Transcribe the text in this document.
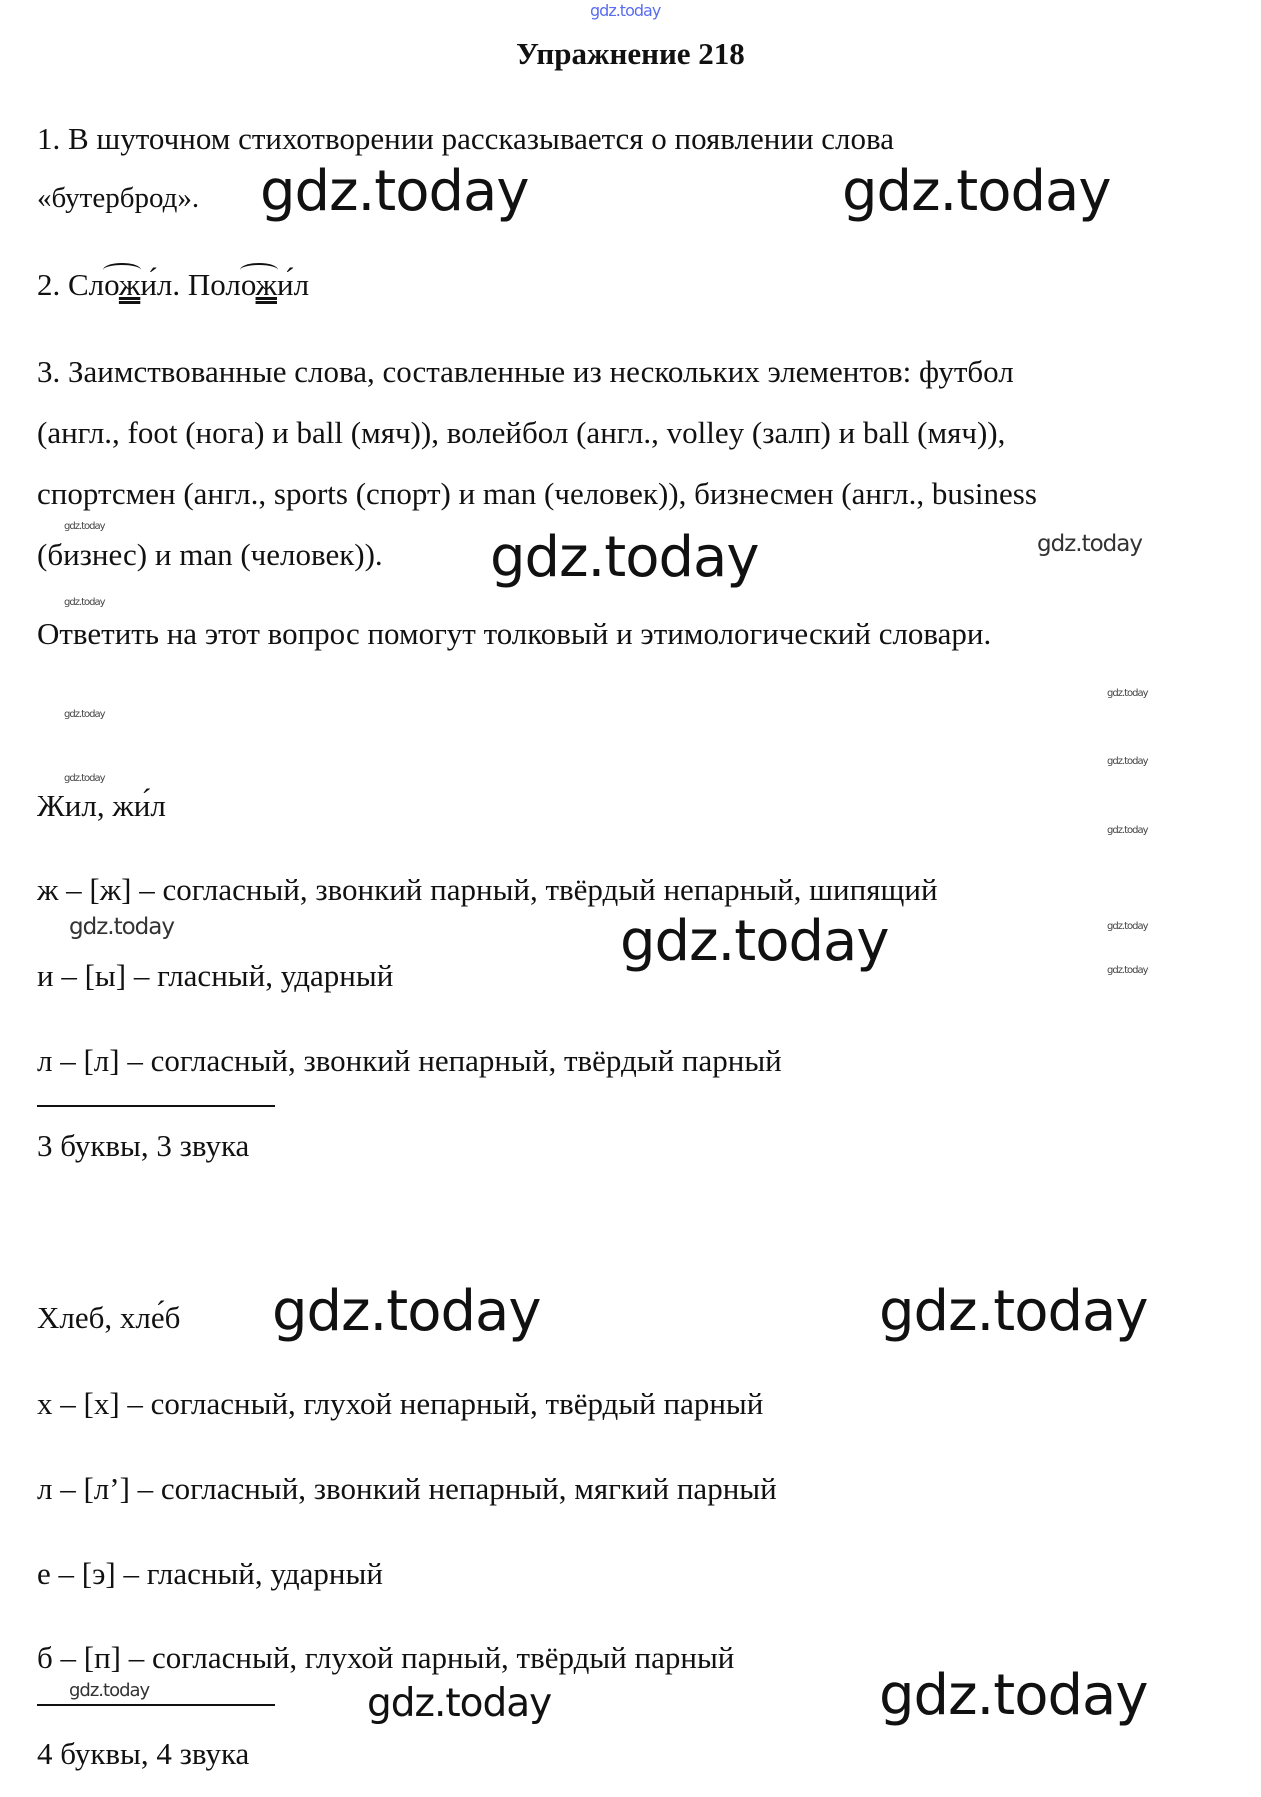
gdz.today
Упражнение 218
1. В шуточном стихотворении рассказывается о появлении слова
«бутерброд». gdz.today	gdz.today
2. Сложи́л. Положи́л
3. Заимствованные слова, составленные из нескольких элементов: футбол
(англ., foot (нога) и ball (мяч)), волейбол (англ., volley (залп) и ball (мяч)),
спортсмен (англ., sports (спорт) и man (человек)), бизнесмен (англ., business
(бизнес) и man (человек)).
gdz.today
gdz.today
gdz.today
Ответить на этот вопрос помогут толковый и этимологический словари.
gdz.today
gdz.today
gdz.today
gdz.today
gdz.today
gdz.today
gdz.today
gdz.today
Жил, жи́л
ж – [ж] – согласный, звонкий парный, твёрдый непарный, шипящий
gdz.today	gdz.today
и – [ы] – гласный, ударный
л – [л] – согласный, звонкий непарный, твёрдый парный
3 буквы, 3 звука
Хлеб, хле́б gdz.today	gdz.today
х – [х] – согласный, глухой непарный, твёрдый парный
л – [л’] – согласный, звонкий непарный, мягкий парный
е – [э] – гласный, ударный
б – [п] – согласный, глухой парный, твёрдый парный
gdz.today	gdz.today	gdz.today
4 буквы, 4 звука
